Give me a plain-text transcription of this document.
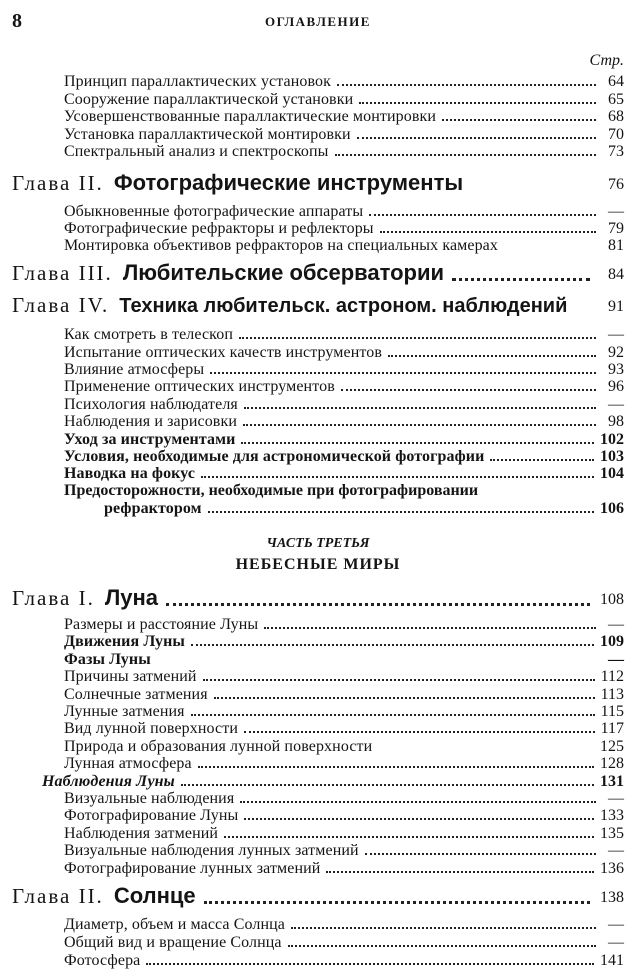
8	ОГЛАВЛЕНИЕ
Стр.
Принцип параллактических установок	64
Сооружение параллактической установки	65
Усовершенствованные параллактические монтировки	68
Установка параллактической монтировки	70
Спектральный анализ и спектроскопы	73
Глава II. Фотографические инструменты	76
Обыкновенные фотографические аппараты	—
Фотографические рефракторы и рефлекторы	79
Монтировка объективов рефракторов на специальных камерах	81
Глава III. Любительские обсерватории	84
Глава IV. Техника любительск. астроном. наблюдений	91
Как смотреть в телескоп	—
Испытание оптических качеств инструментов	92
Влияние атмосферы	93
Применение оптических инструментов	96
Психология наблюдателя	—
Наблюдения и зарисовки	98
Уход за инструментами	102
Условия, необходимые для астрономической фотографии	103
Наводка на фокус	104
Предосторожности, необходимые при фотографировании
рефрактором	106
ЧАСТЬ ТРЕТЬЯ
НЕБЕСНЫЕ МИРЫ
Глава I. Луна	108
Размеры и расстояние Луны	—
Движения Луны	109
Фазы Луны	—
Причины затмений	112
Солнечные затмения	113
Лунные затмения	115
Вид лунной поверхности	117
Природа и образования лунной поверхности	125
Лунная атмосфера	128
Наблюдения Луны	131
Визуальные наблюдения	—
Фотографирование Луны	133
Наблюдения затмений	135
Визуальные наблюдения лунных затмений	—
Фотографирование лунных затмений	136
Глава II. Солнце	138
Диаметр, объем и масса Солнца	—
Общий вид и вращение Солнца	—
Фотосфера	141
